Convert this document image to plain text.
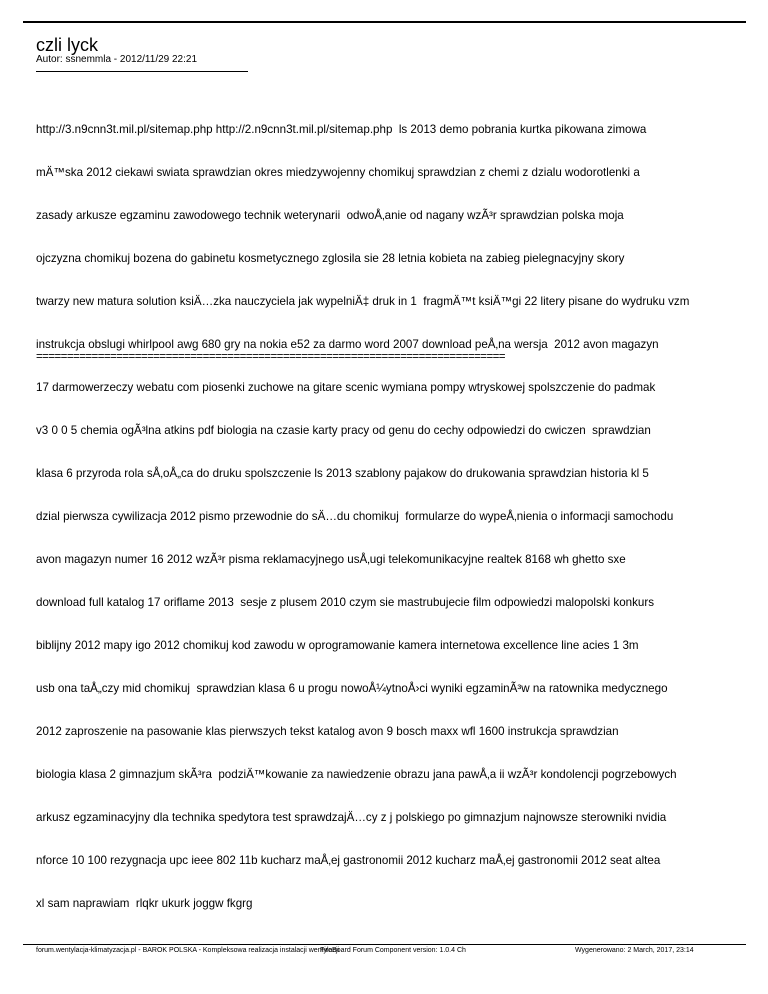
czli lyck
Autor: ssnemmla - 2012/11/29 22:21

http://3.n9cnn3t.mil.pl/sitemap.php http://2.n9cnn3t.mil.pl/sitemap.php  ls 2013 demo pobrania kurtka pikowana zimowa

mÄ™ska 2012 ciekawi swiata sprawdzian okres miedzywojenny chomikuj sprawdzian z chemi z dzialu wodorotlenki a

zasady arkusze egzaminu zawodowego technik weterynarii  odwoÅ‚anie od nagany wzÃ³r sprawdzian polska moja

ojczyzna chomikuj bozena do gabinetu kosmetycznego zglosila sie 28 letnia kobieta na zabieg pielegnacyjny skory

twarzy new matura solution ksiÄ…zka nauczyciela jak wypelniÄ‡ druk in 1  fragmÄ™t ksiÄ™gi 22 litery pisane do wydruku vzm

instrukcja obslugi whirlpool awg 680 gry na nokia e52 za darmo word 2007 download peÅ‚na wersja  2012 avon magazyn

17 darmowerzeczy webatu com piosenki zuchowe na gitare scenic wymiana pompy wtryskowej spolszczenie do padmak

v3 0 0 5 chemia ogÃ³lna atkins pdf biologia na czasie karty pracy od genu do cechy odpowiedzi do cwiczen  sprawdzian

klasa 6 przyroda rola sÅ‚oÅ„ca do druku spolszczenie ls 2013 szablony pajakow do drukowania sprawdzian historia kl 5

dzial pierwsza cywilizacja 2012 pismo przewodnie do sÄ…du chomikuj  formularze do wypeÅ‚nienia o informacji samochodu

avon magazyn numer 16 2012 wzÃ³r pisma reklamacyjnego usÅ‚ugi telekomunikacyjne realtek 8168 wh ghetto sxe

download full katalog 17 oriflame 2013  sesje z plusem 2010 czym sie mastrubujecie film odpowiedzi malopolski konkurs

biblijny 2012 mapy igo 2012 chomikuj kod zawodu w oprogramowanie kamera internetowa excellence line acies 1 3m

usb ona taÅ„czy mid chomikuj  sprawdzian klasa 6 u progu nowoÅ¼ytnoÅ›ci wyniki egzaminÃ³w na ratownika medycznego

2012 zaproszenie na pasowanie klas pierwszych tekst katalog avon 9 bosch maxx wfl 1600 instrukcja sprawdzian

biologia klasa 2 gimnazjum skÃ³ra  podziÄ™kowanie za nawiedzenie obrazu jana pawÅ‚a ii wzÃ³r kondolencji pogrzebowych

arkusz egzaminacyjny dla technika spedytora test sprawdzajÄ…cy z j polskiego po gimnazjum najnowsze sterowniki nvidia

nforce 10 100 rezygnacja upc ieee 802 11b kucharz maÅ‚ej gastronomii 2012 kucharz maÅ‚ej gastronomii 2012 seat altea

xl sam naprawiam  rlqkr ukurk joggw fkgrg

============================================================================
forum.wentylacja-klimatyzacja.pl - BAROK POLSKA - Kompleksowa realizacja instalacji wentylacji
FireBoard Forum Component version: 1.0.4 Ch	Wygenerowano: 2 March, 2017, 23:14
